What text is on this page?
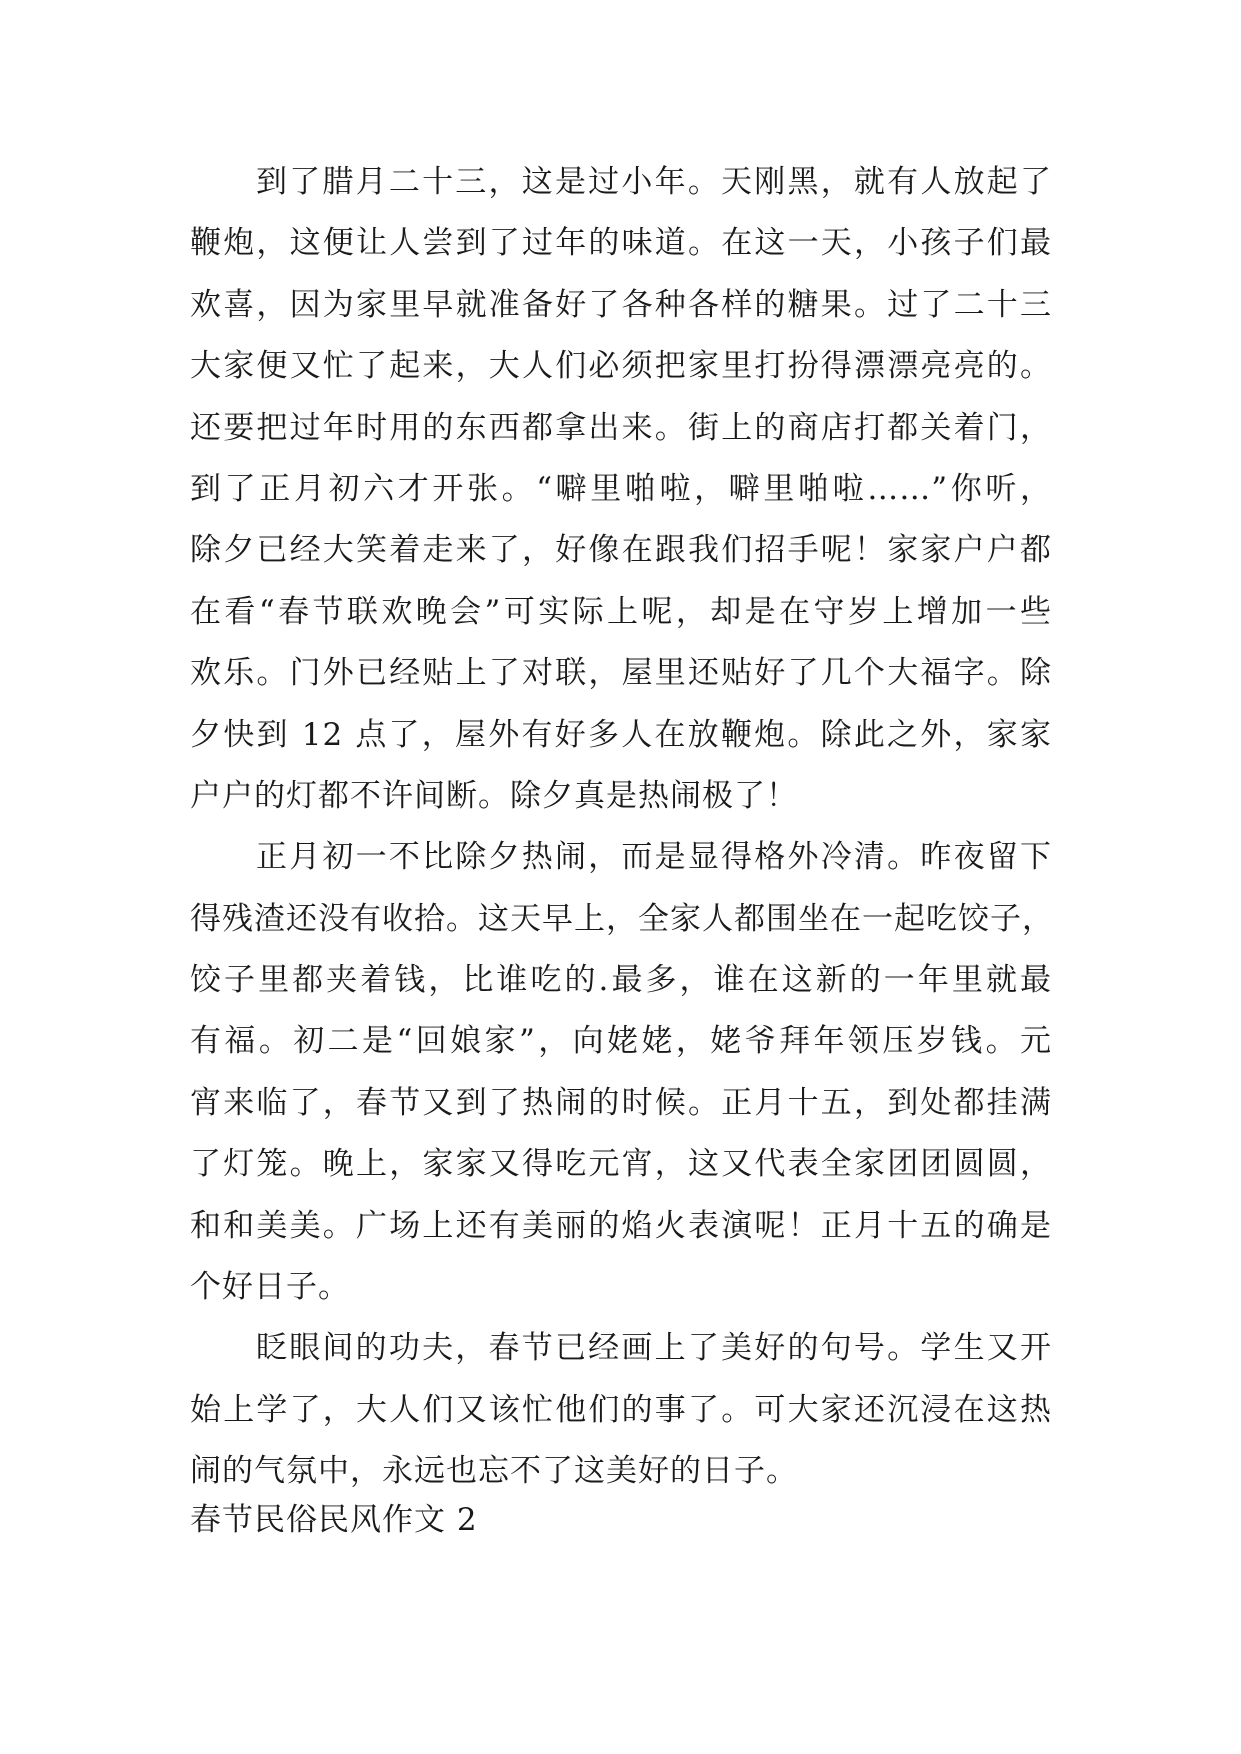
到了腊月二十三，这是过小年。天刚黑，就有人放起了
鞭炮，这便让人尝到了过年的味道。在这一天，小孩子们最
欢喜，因为家里早就准备好了各种各样的糖果。过了二十三
大家便又忙了起来，大人们必须把家里打扮得漂漂亮亮的。
还要把过年时用的东西都拿出来。街上的商店打都关着门，
到了正月初六才开张。“噼里啪啦，噼里啪啦……”你听，
除夕已经大笑着走来了，好像在跟我们招手呢！家家户户都
在看“春节联欢晚会”可实际上呢，却是在守岁上增加一些
欢乐。门外已经贴上了对联，屋里还贴好了几个大福字。除
夕快到 12 点了，屋外有好多人在放鞭炮。除此之外，家家
户户的灯都不许间断。除夕真是热闹极了！
正月初一不比除夕热闹，而是显得格外冷清。昨夜留下
得残渣还没有收拾。这天早上，全家人都围坐在一起吃饺子，
饺子里都夹着钱，比谁吃的.最多，谁在这新的一年里就最
有福。初二是“回娘家”，向姥姥，姥爷拜年领压岁钱。元
宵来临了，春节又到了热闹的时候。正月十五，到处都挂满
了灯笼。晚上，家家又得吃元宵，这又代表全家团团圆圆，
和和美美。广场上还有美丽的焰火表演呢！正月十五的确是
个好日子。
眨眼间的功夫，春节已经画上了美好的句号。学生又开
始上学了，大人们又该忙他们的事了。可大家还沉浸在这热
闹的气氛中，永远也忘不了这美好的日子。
春节民俗民风作文 2
